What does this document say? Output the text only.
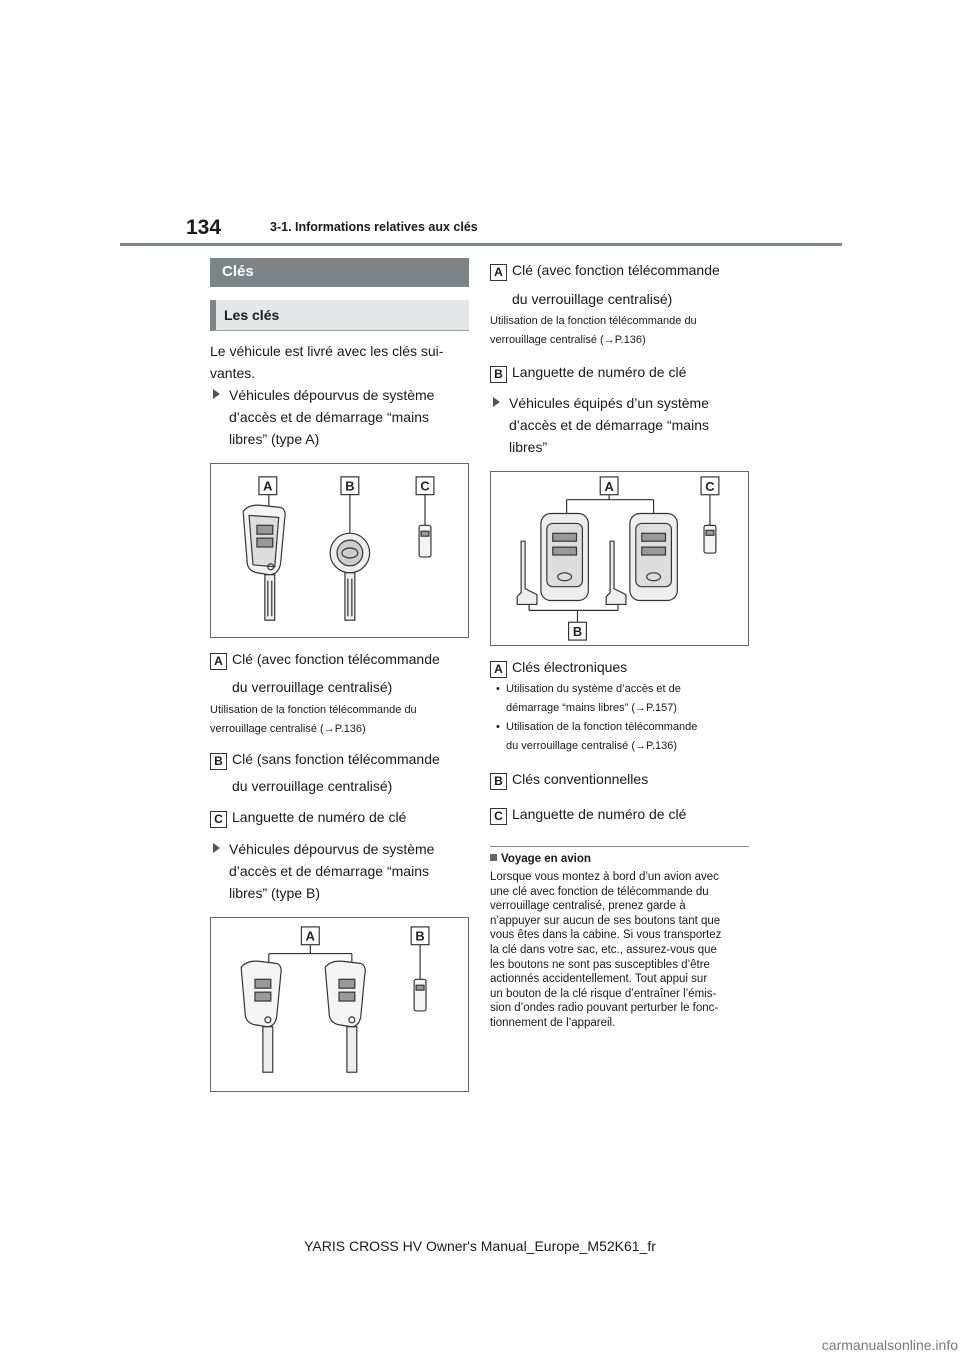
134	3-1. Informations relatives aux clés
Clés
Les clés
Le véhicule est livré avec les clés sui-
vantes.
Véhicules dépourvus de système
d’accès et de démarrage “mains
libres” (type A)
A	B	C
A Clé (avec fonction télécommande
du verrouillage centralisé)
Utilisation de la fonction télécommande du
verrouillage centralisé (→P.136)
B Clé (sans fonction télécommande
du verrouillage centralisé)
C Languette de numéro de clé
Véhicules dépourvus de système
d’accès et de démarrage “mains
libres” (type B)
A	B
A Clé (avec fonction télécommande
du verrouillage centralisé)
Utilisation de la fonction télécommande du
verrouillage centralisé (→P.136)
B Languette de numéro de clé
Véhicules équipés d’un système
d’accès et de démarrage “mains
libres”
A	C
B
A Clés électroniques
• Utilisation du système d’accès et de
démarrage “mains libres” (→P.157)
• Utilisation de la fonction télécommande
du verrouillage centralisé (→P.136)
B Clés conventionnelles
C Languette de numéro de clé
Voyage en avion
Lorsque vous montez à bord d’un avion avec
une clé avec fonction de télécommande du
verrouillage centralisé, prenez garde à
n’appuyer sur aucun de ses boutons tant que
vous êtes dans la cabine. Si vous transportez
la clé dans votre sac, etc., assurez-vous que
les boutons ne sont pas susceptibles d’être
actionnés accidentellement. Tout appui sur
un bouton de la clé risque d’entraîner l’émis-
sion d’ondes radio pouvant perturber le fonc-
tionnement de l’appareil.
YARIS CROSS HV Owner's Manual_Europe_M52K61_fr
carmanualsonline.info
